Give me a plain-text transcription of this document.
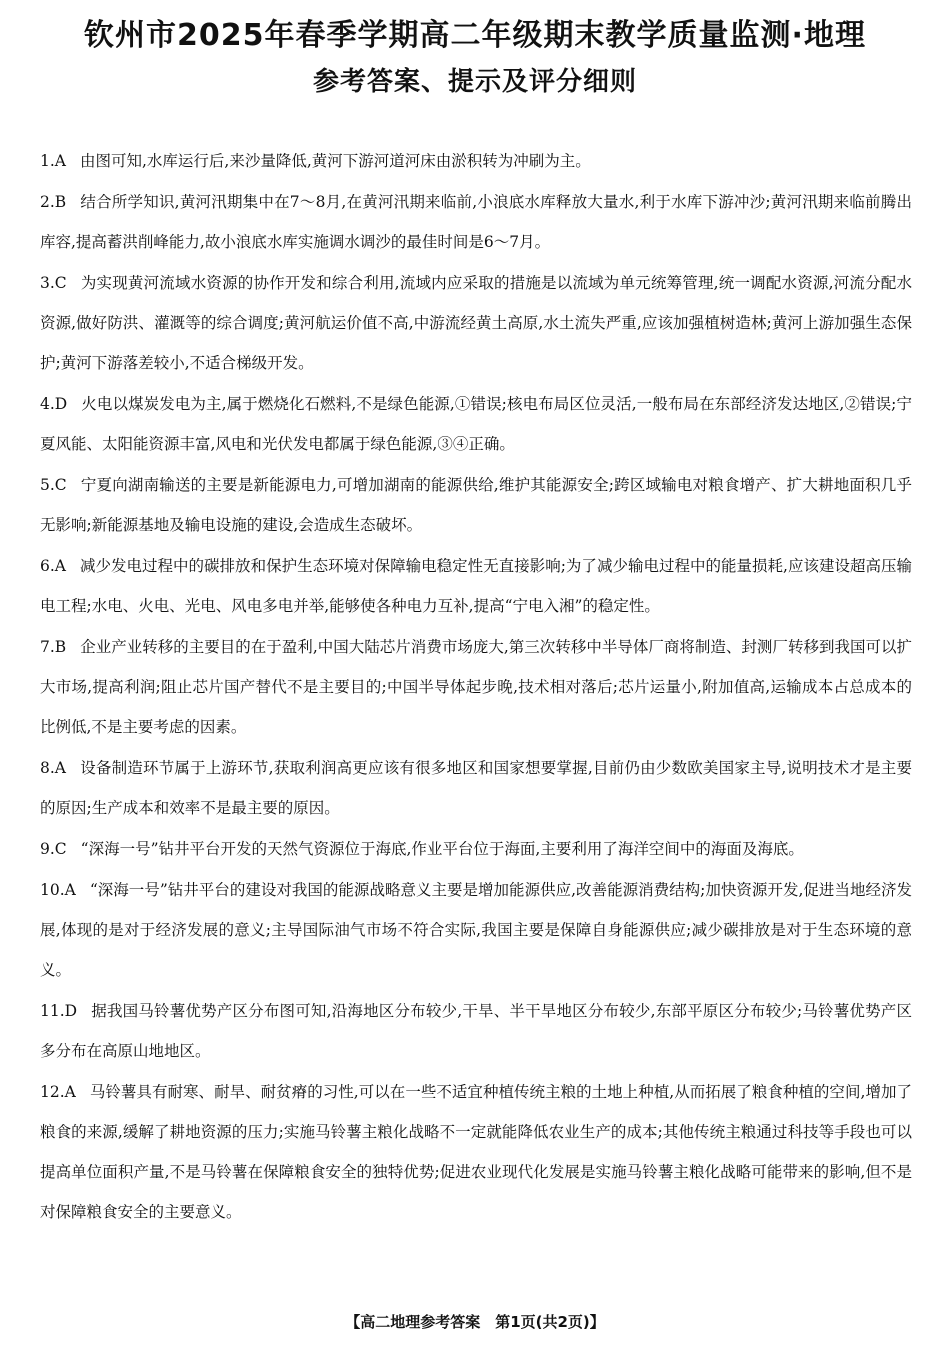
钦州市2025年春季学期高二年级期末教学质量监测·地理
参考答案、提示及评分细则
1.A 由图可知,水库运行后,来沙量降低,黄河下游河道河床由淤积转为冲刷为主。
2.B 结合所学知识,黄河汛期集中在7～8月,在黄河汛期来临前,小浪底水库释放大量水,利于水库下游冲沙;黄河汛期来临前腾出库容,提高蓄洪削峰能力,故小浪底水库实施调水调沙的最佳时间是6～7月。
3.C 为实现黄河流域水资源的协作开发和综合利用,流域内应采取的措施是以流域为单元统筹管理,统一调配水资源,河流分配水资源,做好防洪、灌溉等的综合调度;黄河航运价值不高,中游流经黄土高原,水土流失严重,应该加强植树造林;黄河上游加强生态保护;黄河下游落差较小,不适合梯级开发。
4.D 火电以煤炭发电为主,属于燃烧化石燃料,不是绿色能源,①错误;核电布局区位灵活,一般布局在东部经济发达地区,②错误;宁夏风能、太阳能资源丰富,风电和光伏发电都属于绿色能源,③④正确。
5.C 宁夏向湖南输送的主要是新能源电力,可增加湖南的能源供给,维护其能源安全;跨区域输电对粮食增产、扩大耕地面积几乎无影响;新能源基地及输电设施的建设,会造成生态破坏。
6.A 减少发电过程中的碳排放和保护生态环境对保障输电稳定性无直接影响;为了减少输电过程中的能量损耗,应该建设超高压输电工程;水电、火电、光电、风电多电并举,能够使各种电力互补,提高“宁电入湘”的稳定性。
7.B 企业产业转移的主要目的在于盈利,中国大陆芯片消费市场庞大,第三次转移中半导体厂商将制造、封测厂转移到我国可以扩大市场,提高利润;阻止芯片国产替代不是主要目的;中国半导体起步晚,技术相对落后;芯片运量小,附加值高,运输成本占总成本的比例低,不是主要考虑的因素。
8.A 设备制造环节属于上游环节,获取利润高更应该有很多地区和国家想要掌握,目前仍由少数欧美国家主导,说明技术才是主要的原因;生产成本和效率不是最主要的原因。
9.C “深海一号”钻井平台开发的天然气资源位于海底,作业平台位于海面,主要利用了海洋空间中的海面及海底。
10.A “深海一号”钻井平台的建设对我国的能源战略意义主要是增加能源供应,改善能源消费结构;加快资源开发,促进当地经济发展,体现的是对于经济发展的意义;主导国际油气市场不符合实际,我国主要是保障自身能源供应;减少碳排放是对于生态环境的意义。
11.D 据我国马铃薯优势产区分布图可知,沿海地区分布较少,干旱、半干旱地区分布较少,东部平原区分布较少;马铃薯优势产区多分布在高原山地地区。
12.A 马铃薯具有耐寒、耐旱、耐贫瘠的习性,可以在一些不适宜种植传统主粮的土地上种植,从而拓展了粮食种植的空间,增加了粮食的来源,缓解了耕地资源的压力;实施马铃薯主粮化战略不一定就能降低农业生产的成本;其他传统主粮通过科技等手段也可以提高单位面积产量,不是马铃薯在保障粮食安全的独特优势;促进农业现代化发展是实施马铃薯主粮化战略可能带来的影响,但不是对保障粮食安全的主要意义。
【高二地理参考答案　第1页(共2页)】
